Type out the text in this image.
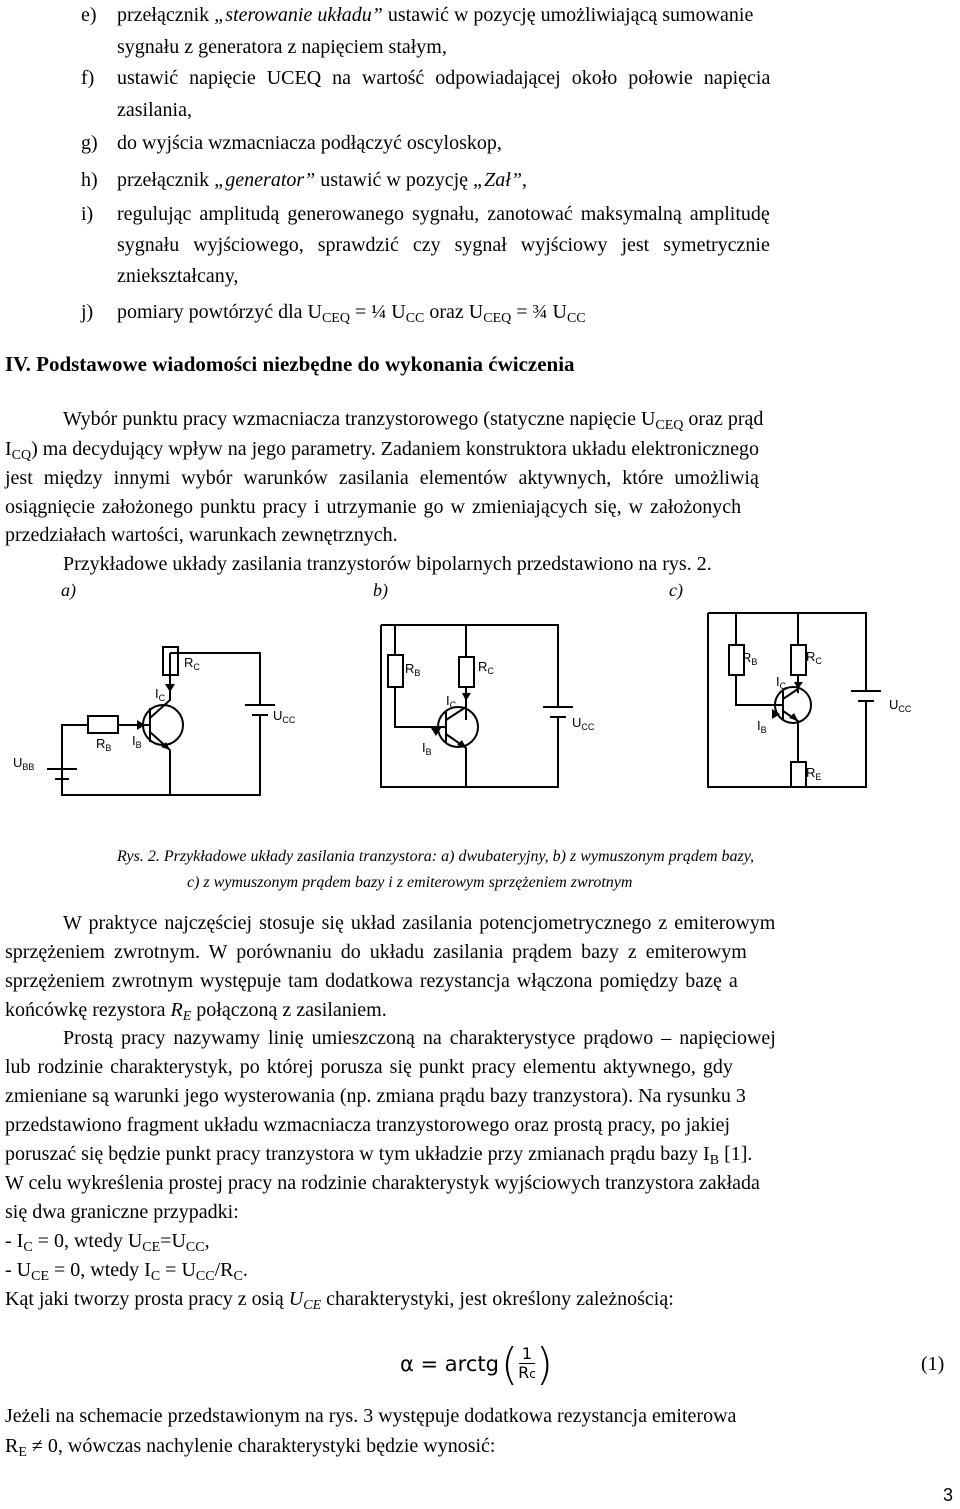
e) przełącznik „sterowanie układu” ustawić w pozycję umożliwiającą sumowanie
sygnału z generatora z napięciem stałym,
f) ustawić napięcie UCEQ na wartość odpowiadającej około połowie napięcia
zasilania,
g) do wyjścia wzmacniacza podłączyć oscyloskop,
h) przełącznik „generator” ustawić w pozycję „Zał”,
i) regulując amplitudą generowanego sygnału, zanotować maksymalną amplitudę
sygnału wyjściowego, sprawdzić czy sygnał wyjściowy jest symetrycznie
zniekształcany,
j) pomiary powtórzyć dla $U_{CEQ}$ = ¼ $U_{CC}$ oraz $U_{CEQ}$ = ¾ $U_{CC}$
IV. Podstawowe wiadomości niezbędne do wykonania ćwiczenia
Wybór punktu pracy wzmacniacza tranzystorowego (statyczne napięcie $U_{CEQ}$ oraz prąd
$I_{CQ}$) ma decydujący wpływ na jego parametry. Zadaniem konstruktora układu elektronicznego
jest między innymi wybór warunków zasilania elementów aktywnych, które umożliwią
osiągnięcie założonego punktu pracy i utrzymanie go w zmieniających się, w założonych
przedziałach wartości, warunkach zewnętrznych.
Przykładowe układy zasilania tranzystorów bipolarnych przedstawiono na rys. 2.
a)	b)	c)
$R_C$
$I_C$
$U_{CC}$
$R_B$ $I_B$
$U_{BB}$
$R_B$	$R_C$
$I_C$
$I_B$
$U_{CC}$
$R_B$	$R_C$
$I_C$
$U_{CC}$
$I_B$
$R_E$
Rys. 2. Przykładowe układy zasilania tranzystora: a) dwubateryjny, b) z wymuszonym prądem bazy,
c) z wymuszonym prądem bazy i z emiterowym sprzężeniem zwrotnym
W praktyce najczęściej stosuje się układ zasilania potencjometrycznego z emiterowym
sprzężeniem zwrotnym. W porównaniu do układu zasilania prądem bazy z emiterowym
sprzężeniem zwrotnym występuje tam dodatkowa rezystancja włączona pomiędzy bazę a
końcówkę rezystora $R_E$ połączoną z zasilaniem.
Prostą pracy nazywamy linię umieszczoną na charakterystyce prądowo – napięciowej
lub rodzinie charakterystyk, po której porusza się punkt pracy elementu aktywnego, gdy
zmieniane są warunki jego wysterowania (np. zmiana prądu bazy tranzystora). Na rysunku 3
przedstawiono fragment układu wzmacniacza tranzystorowego oraz prostą pracy, po jakiej
poruszać się będzie punkt pracy tranzystora w tym układzie przy zmianach prądu bazy $I_B$ [1].
W celu wykreślenia prostej pracy na rodzinie charakterystyk wyjściowych tranzystora zakłada
się dwa graniczne przypadki:
- $I_C = 0$, wtedy $U_{CE}=U_{CC}$,
- $U_{CE} = 0$, wtedy $I_C = U_{CC}/R_C$.
Kąt jaki tworzy prosta pracy z osią $U_{CE}$ charakterystyki, jest określony zależnością:
α = arctg ( 1
Rc )	(1)
Jeżeli na schemacie przedstawionym na rys. 3 występuje dodatkowa rezystancja emiterowa
$R_E \ne 0$, wówczas nachylenie charakterystyki będzie wynosić:
3
